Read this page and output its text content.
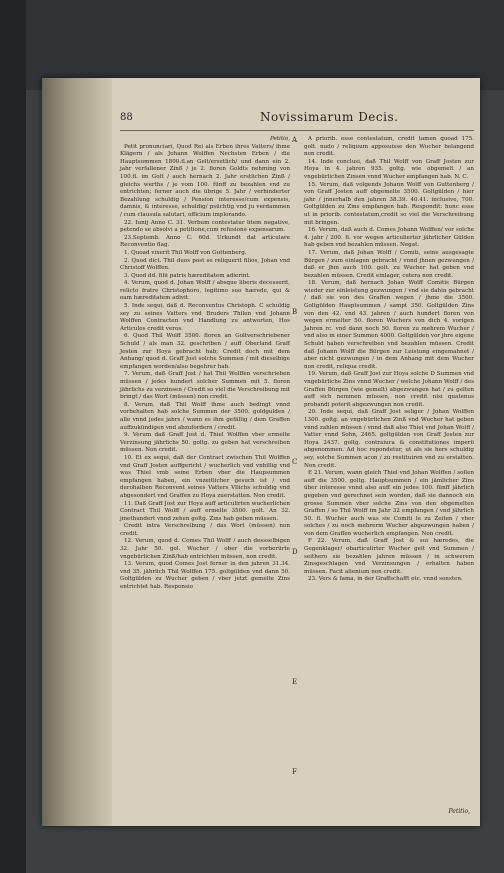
88	Novissimarum Decis.

Petitio,

Petit pronunciari, Quod Rei als Erben ihres Vatters/ ihme Klägern / als Johann Wolffen Nechsten Erben / die Hauptsummen 1800.fl.an Gelt/ersetlich/ und dann ein 2. jahr verfallener Zinß / je 2. floren Goldts nehming von 100.fl. im Golt / auch hernach 2. Jahr erstlichen Zinß / gleichs werths / je vom 100. fünff zu bezahlen vnd zu entrichten; ferner auch die übrige 5. Jahr / verhinderter Bezahlung schuldig / Pension interesse/cum expensis, damnis, & interesse, schuldig/ psüchtig vnd ju verdammen / cum clausula salutari, officium implorando.

22. Iunij Anno C. 31. Verbum contestatur litem negative, petendo se absolvi a petitione,cum refusione expensarum.

23.Septemb. Anno C. 60d. Urkundt dat articulare Reconventio flag.

1. Quoad vixerit Thil Wolff von Guttenberg.

2. Quod dict. Thil duos post se reliquerit filios, Johan vnd Christoff Wolffen.

3. Quod dd. filii patris hæreditatem adierint.

4. Verum, quod d. Johan Wolff / absque liberis decesserit, relicto fratre Christophoro, legitimo suo hærede, qui & eam hæreditatem adivit.

5. Inde sequi, daß d. Reconventus Christoph. C schuldig sey zu seines Vatters vnd Bruders Thilen vnd Johann Wolffen Contracten vnd Handlung zu antworten, Hos Articulos credit veros.

6. Quod Thil Wolff 3500. floren an Goltverschriebener Schuld / als man 32. geschriben / auff Oberland Graff Josten zur Hoya gebracht hab; Credit doch mit dem Anhang/ quod d. Graff Jost solche Summen / mit dieselbige empfangen worden/also begehrer hab.

7. Verum, daß Graff Jost / hat Thil Wolffen verschrieben müssen / jedes hundert solcher Summen mit 5. floren jährlichs zu verzinsen / Credit so viel die Verschreibung mit bringt / das Wort (müssen) non credit.

8. Verum, daß Thil Wolff ihme auch bedingt vnnd vorbehalten hab solche Summen der 3500. goldgulden / alle vnnd jedes jahrs / wann es ihm gefällig / dem Graffen auffzukündigen vnd abzufordern / credit.

9. Verum daß Graff Jost d. Thiel Wolffen vber ermelte Verzinsung jährlichs 50. goltg. zu geben hat verschreiben müssen. Non credit.

10. Et ex sequi, daß der Contract zwischen Thil Wolffen vnd Graff Josten auffgericht / wucherlich vnd vnbillig vnd was Thiel vmb seine Erben vber die Haupsummen empfangen haben, ein vnzeitlicher gesuch ist / vnd derohalben Reconvent seines Vatters Vllichs schuldig vnd abgesondert vnd Graffen zu Hoya zuerstatten. Non credit.

11. Daß Graff Jost zur Hoya auff articulirten wucherlichen Contract Thil Wolff / auff ermelte 3500. golt. An 32. jmethundert vnnd zehen goltg. Zins hab geben müssen.

Credit intra Verschreibung / das Wort (müssen) non credit.

12. Verum, quod d. Comes Thil Wolff / auch dessselbigen 32. Jahr 50. gol. Wucher / ober die vorberürte vngebürlichen Zinß/hab entrichten müssen, non credit.

13. Verum, quod Comes Jost ferner in den jahren 31.34. vnd 35. jährlich Thil Wolffen 175. goltgülden vnd dann 50. Goltgülden zu Wucher geben / vber jetzt gemelte Zins entrichtet hab. Responsio

A priorib. esse contestatum, credit tamen quoad 175. golt. nudo / reliquum apposuisse den Wucher belangend non credit.

14. Inde conclusi, daß Thil Wolff von Graff Josten zur Hoya in 4. jahren 935. goltg. wie obgemelt / an vngebürlichen Zinsen vnnd Wucher empfangen hab. N. C.

15. Verum, daß volgends Johann Wolff von Guttenberg / von Graff Josten auff obgemelte 3500. Goltgülden / hier jahr / jnnerhalb den jahren 38.39. 40.41. inclusive, 700. Goltgülden zu Zins empfangen hab. Respondit: hunc esse ut in priorib. contestatum,credit so viel die Verschreibung mit bringen.

16. Verum, daß auch d. Comes Johann Wolffen/ vor solche 4. jahr / 200. fl. vor wegen articulierter jährlicher Gülden hab geben vnd bezahlen müssen. Negat.

17. Verum, daß Johan Wolff / Comiti, seine ausgesagte Bürgen / zum einlagen gebracht / vnnd jhnen gezwungen / daß er jhm auch 100. golt. zu Wucher hat geben vnd bezahlen müssen. Credit einlager, cetera non credit.

18. Verum, daß hernach Johan Wolff Comitis Bürgen wieder zur einleistung gezwungen / vnd sie dahin gebracht / daß sie von des Graffen wegen / jhme die 3500. Goltgülden Hauptsummen / sampt 350. Goltgülden Zins von den 42. vnd 43. jahren / auch hundert floren von wegen ermelter 50. floren Wuchers von dich 4. vorigen Jahren rc. vnd dann noch 50. floren zu mehrem Wucher / vnd also in einer Summen 4000. Goltgülden vor jhre eigene Schuld haben verschreiben vnd bezahlen müssen. Credit daß Johann Wolff die Bürgen zur Leistung eingemahnet / aber nicht gezwungen / in dem Anhang mit dem Wucher non credit, reliqua credit.

19. Verum, daß Graff Jost zur Hoya solche D Summen vnd vngebürliche Zins vnnd Wucher / welche Johann Wolff / des Graffen Bürgen (wie gemelt) abgezwungen hat / zu gelten auff sich nemmen müssen, non credit nisi quatenus probandi poterit abgezwungen non credit.

20. Inde sequi, daß Graff Jost seliger / Johan Wolffen 1300. goltg. an vngebürlichen Zinß vnd Wucher hat geben vnnd zahlen müssen / vnnd daß also Thiel vnd Johan Wolff / Vatter vnnd Sohn, 2465. goltgülden von Graff Josten zur Hoya 2437. goltg. contraiura & constitutiones imperii abgenommen. Ad hoc repondetur, ut als sie hers schuldig sey, solche Summen acon / zu restituiren vnd zu erstatten. Non credit.

E 21. Verum, wann gleich Thiel vnd Johan Wolffen / sollen auff die 3500. goltg. Hauptsummen / ein jämlicher Zins über interesse vnnd also auff ein jedes 100. fünff jährlich gegeben vnd gerechnet sein worden, daß sie dannoch ein grosse Summen vber solche Zins von den obgemelten Graffen / so Thil Wolff im Jahr 32 empfangen / vnd jährlich 50. fl. Wucher auch was sie Comiti le zu Zeiten / vber solches / zu noch mehrerm Wucher abgezwungen haben / von dem Graffen wucherlich empfangen. Non credit.

F 22. Verum, daß Graff Jost & sui hæredes, die Gegenklager/ obarticulirter Wucher gelt vnd Summen / seithero sie bezahlen jahren müssen / in schwerem Zinsgeschlagen vnd Verzinsungen / erhalten haben müssen. Facit alienium non credit.

23. Vers & fama, in der Graffschafft etc. vnnd sonsten.

Petitio,
A
B
C
D
E
F
